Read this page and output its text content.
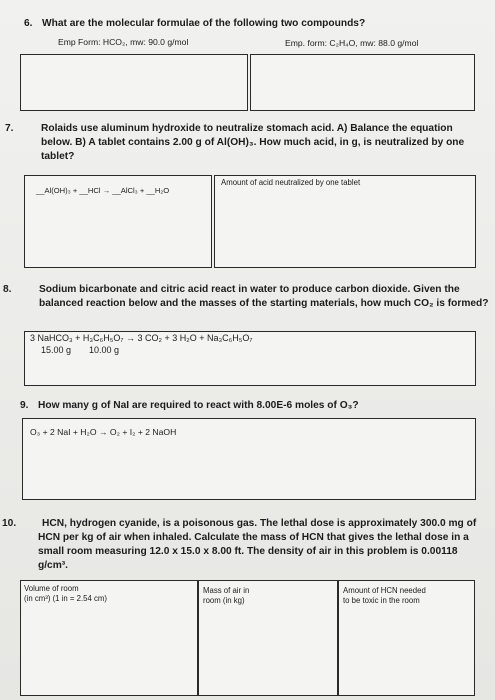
6. What are the molecular formulae of the following two compounds?
Emp Form: HCO₂, mw: 90.0 g/mol	Emp. form: C₂H₄O, mw: 88.0 g/mol
7.	Rolaids use aluminum hydroxide to neutralize stomach acid. A) Balance the equation below. B) A tablet contains 2.00 g of Al(OH)₃. How much acid, in g, is neutralized by one tablet?
__Al(OH)₃ + __HCl → __AlCl₃ + __H₂O
Amount of acid neutralized by one tablet
8.	Sodium bicarbonate and citric acid react in water to produce carbon dioxide. Given the balanced reaction below and the masses of the starting materials, how much CO₂ is formed?
3 NaHCO₃ + H₃C₆H₅O₇ → 3 CO₂ + 3 H₂O + Na₃C₆H₅O₇
15.00 g 10.00 g
9. How many g of NaI are required to react with 8.00E-6 moles of O₃?
O₃ + 2 NaI + H₂O → O₂ + I₂ + 2 NaOH
10.	HCN, hydrogen cyanide, is a poisonous gas. The lethal dose is approximately 300.0 mg of HCN per kg of air when inhaled. Calculate the mass of HCN that gives the lethal dose in a small room measuring 12.0 x 15.0 x 8.00 ft. The density of air in this problem is 0.00118 g/cm³.
Volume of room
(in cm³) (1 in = 2.54 cm)
Mass of air in
room (in kg)
Amount of HCN needed
to be toxic in the room
